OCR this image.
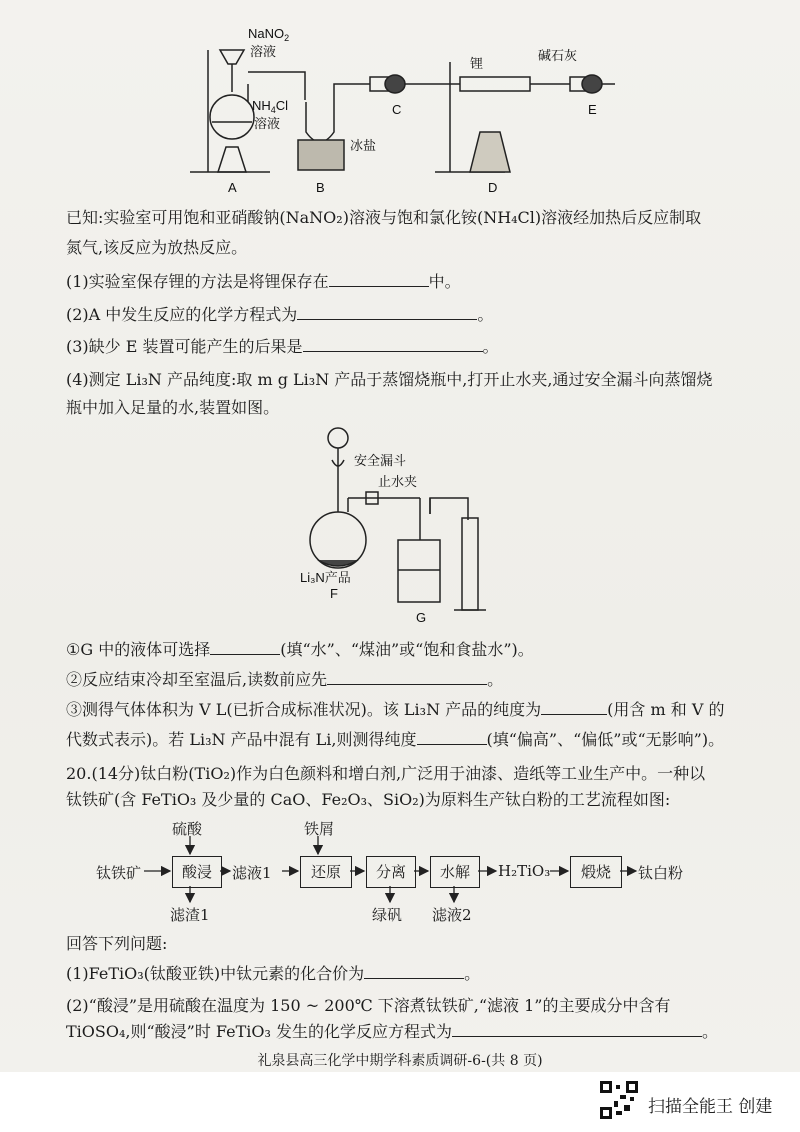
NaNO$_2$
溶液
$NH_4Cl$
溶液
冰盐
锂
碱石灰
A	B
C
D
E
已知:实验室可用饱和亚硝酸钠(NaNO₂)溶液与饱和氯化铵(NH₄Cl)溶液经加热后反应制取
氮气,该反应为放热反应。
(1)实验室保存锂的方法是将锂保存在	中。
(2)A 中发生反应的化学方程式为	。
(3)缺少 E 装置可能产生的后果是	。
(4)测定 Li₃N 产品纯度:取 m g Li₃N 产品于蒸馏烧瓶中,打开止水夹,通过安全漏斗向蒸馏烧
瓶中加入足量的水,装置如图。
安全漏斗
止水夹
Li₃N产品
F
G
①G 中的液体可选择	(填“水”、“煤油”或“饱和食盐水”)。
②反应结束冷却至室温后,读数前应先	。
③测得气体体积为 V L(已折合成标准状况)。该 Li₃N 产品的纯度为	(用含 m 和 V 的
代数式表示)。若 Li₃N 产品中混有 Li,则测得纯度	(填“偏高”、“偏低”或“无影响”)。
20.(14分)钛白粉(TiO₂)作为白色颜料和增白剂,广泛用于油漆、造纸等工业生产中。一种以
钛铁矿(含 FeTiO₃ 及少量的 CaO、Fe₂O₃、SiO₂)为原料生产钛白粉的工艺流程如图:
硫酸	铁屑
钛铁矿	酸浸	滤液1	还原	分离	水解	H₂TiO₃	煅烧	钛白粉
滤渣1	绿矾 滤液2
回答下列问题:
(1)FeTiO₃(钛酸亚铁)中钛元素的化合价为	。
(2)“酸浸”是用硫酸在温度为 150 ~ 200℃ 下溶煮钛铁矿,“滤液 1”的主要成分中含有
TiOSO₄,则“酸浸”时 FeTiO₃ 发生的化学反应方程式为	。
礼泉县高三化学中期学科素质调研-6-(共 8 页)
扫描全能王 创建
